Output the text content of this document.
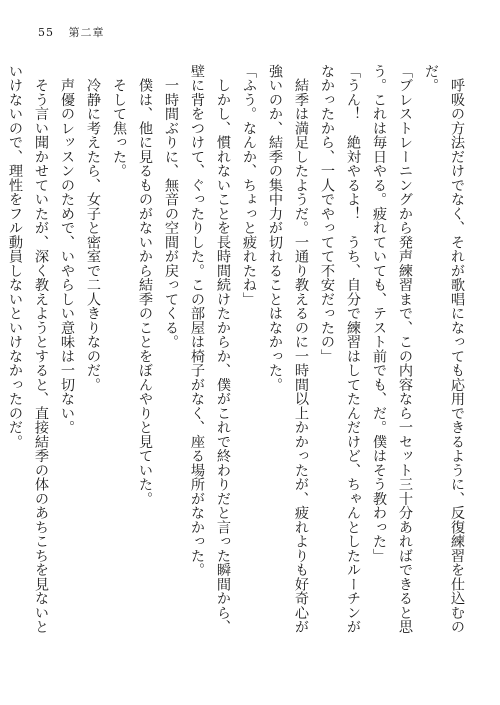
55 第二章

　呼吸の方法だけでなく、それが歌唱になっても応用できるように、反復練習を仕込むの

だ。

「ブレストレーニングから発声練習まで、この内容なら一セット三十分あればできると思

う。これは毎日やる。疲れていても、テスト前でも、だ。僕はそう教わった」

「うん！　絶対やるよ！　うち、自分で練習はしてたんだけど、ちゃんとしたルーチンが

なかったから、一人でやってて不安だったの」

　結季は満足したようだ。一通り教えるのに一時間以上かかったが、疲れよりも好奇心が

強いのか、結季の集中力が切れることはなかった。

「ふう。なんか、ちょっと疲れたね」

　しかし、慣れないことを長時間続けたからか、僕がこれで終わりだと言った瞬間から、

壁に背をつけて、ぐったりした。この部屋は椅子がなく、座る場所がなかった。

　一時間ぶりに、無音の空間が戻ってくる。

　僕は、他に見るものがないから結季のことをぼんやりと見ていた。

　そして焦った。

　冷静に考えたら、女子と密室で二人きりなのだ。

　声優のレッスンのためで、いやらしい意味は一切ない。

　そう言い聞かせていたが、深く教えようとすると、直接結季の体のあちこちを見ないと

いけないので、理性をフル動員しないといけなかったのだ。
